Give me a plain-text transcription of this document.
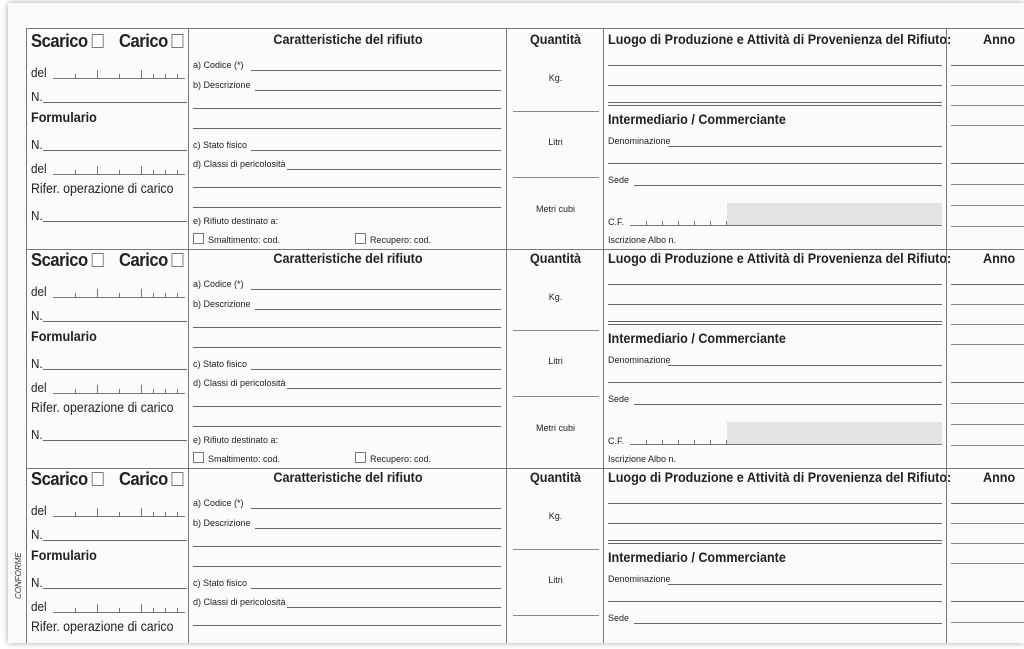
CONFORME
Scarico	Carico
del
N.
Formulario
N.
del
Rifer. operazione di carico
N.
Caratteristiche del rifiuto
a) Codice (*)
b) Descrizione
c) Stato fisico
d) Classi di pericolosità
e) Rifiuto destinato a:
Smaltimento: cod.	Recupero: cod.
Quantità
Kg.
Litri
Metri cubi
Luogo di Produzione e Attività di Provenienza del Rifiuto:
Intermediario / Commerciante
Denominazione
Sede
C.F.
Iscrizione Albo n.
Anno
Scarico	Carico
del
N.
Formulario
N.
del
Rifer. operazione di carico
N.
Caratteristiche del rifiuto
a) Codice (*)
b) Descrizione
c) Stato fisico
d) Classi di pericolosità
e) Rifiuto destinato a:
Smaltimento: cod.	Recupero: cod.
Quantità
Kg.
Litri
Metri cubi
Luogo di Produzione e Attività di Provenienza del Rifiuto:
Intermediario / Commerciante
Denominazione
Sede
C.F.
Iscrizione Albo n.
Anno
Scarico	Carico
del
N.
Formulario
N.
del
Rifer. operazione di carico
Caratteristiche del rifiuto
a) Codice (*)
b) Descrizione
c) Stato fisico
d) Classi di pericolosità
Quantità
Kg.
Litri
Luogo di Produzione e Attività di Provenienza del Rifiuto:
Intermediario / Commerciante
Denominazione
Sede
Anno
